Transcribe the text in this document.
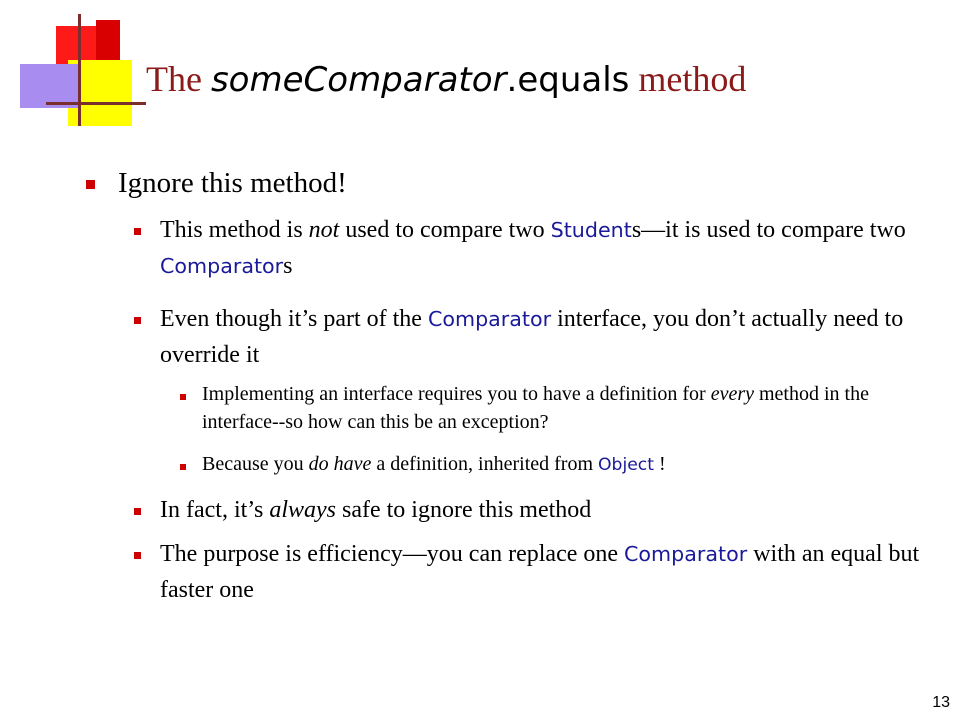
The someComparator.equals method
Ignore this method!
This method is not used to compare two Students—it is used to compare two Comparators
Even though it’s part of the Comparator interface, you don’t actually need to override it
Implementing an interface requires you to have a definition for every method in the interface--so how can this be an exception?
Because you do have a definition, inherited from Object !
In fact, it’s always safe to ignore this method
The purpose is efficiency—you can replace one Comparator with an equal but faster one
13
